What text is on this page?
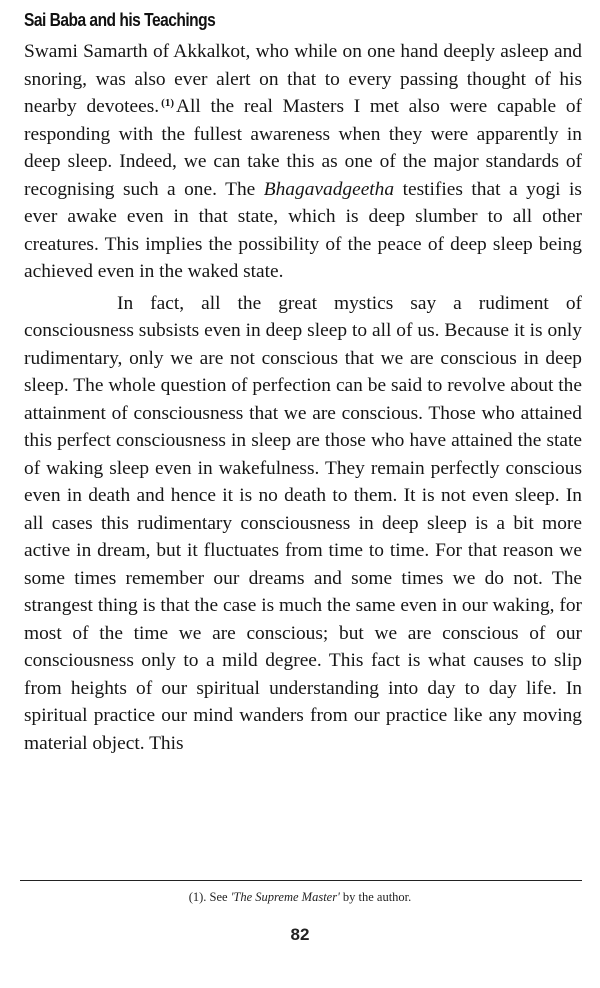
Sai Baba and his Teachings

Swami Samarth of Akkalkot, who while on one hand deeply asleep and snoring, was also ever alert on that to every passing thought of his nearby devotees. $^{(1)}$ All the real Masters I met also were capable of responding with the fullest awareness when they were apparently in deep sleep. Indeed, we can take this as one of the major standards of recognising such a one. The Bhagavadgeetha testifies that a yogi is ever awake even in that state, which is deep slumber to all other creatures. This implies the possibility of the peace of deep sleep being achieved even in the waked state.

In fact, all the great mystics say a rudiment of consciousness subsists even in deep sleep to all of us. Because it is only rudimentary, only we are not conscious that we are conscious in deep sleep. The whole question of perfection can be said to revolve about the attainment of consciousness that we are conscious. Those who attained this perfect consciousness in sleep are those who have attained the state of waking sleep even in wakefulness. They remain perfectly conscious even in death and hence it is no death to them. It is not even sleep. In all cases this rudimentary consciousness in deep sleep is a bit more active in dream, but it fluctuates from time to time. For that reason we some times remember our dreams and some times we do not. The strangest thing is that the case is much the same even in our waking, for most of the time we are conscious; but we are conscious of our consciousness only to a mild degree. This fact is what causes to slip from heights of our spiritual understanding into day to day life. In spiritual practice our mind wanders from our practice like any moving material object. This

(1). See 'The Supreme Master' by the author.
82
